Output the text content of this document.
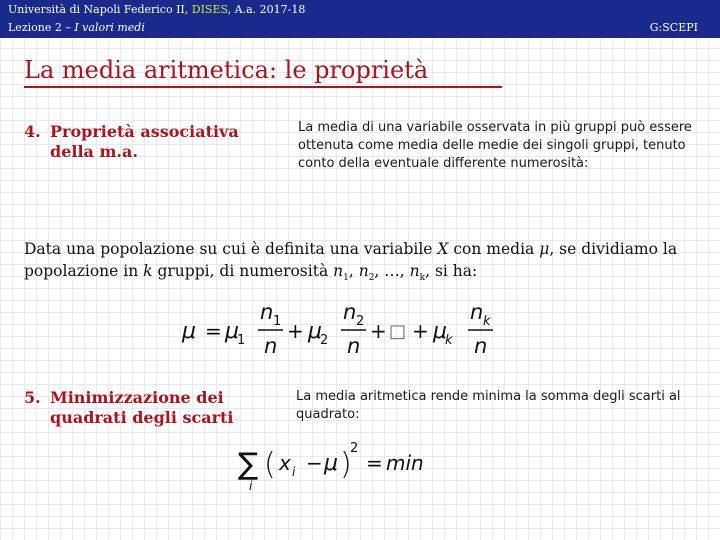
Università di Napoli Federico II, DISES, A.a. 2017-18
Lezione 2 – I valori medi	G:SCEPI
La media aritmetica: le proprietà
4. Proprietà associativa
della m.a.
La media di una variabile osservata in più gruppi può essere ottenuta come media delle medie dei singoli gruppi, tenuto conto della eventuale differente numerosità:
Data una popolazione su cui è definita una variabile X con media μ, se dividiamo la popolazione in k gruppi, di numerosità $n_1$, $n_2$, …, $n_k$, si ha:
μ = μ
1
n 1
n
+ μ
2
n 2
n
+ □ + μ
k
n k
n
5. Minimizzazione dei
quadrati degli scarti
La media aritmetica rende minima la somma degli scarti al quadrato:
∑
i
( x i − μ )
2
= min
